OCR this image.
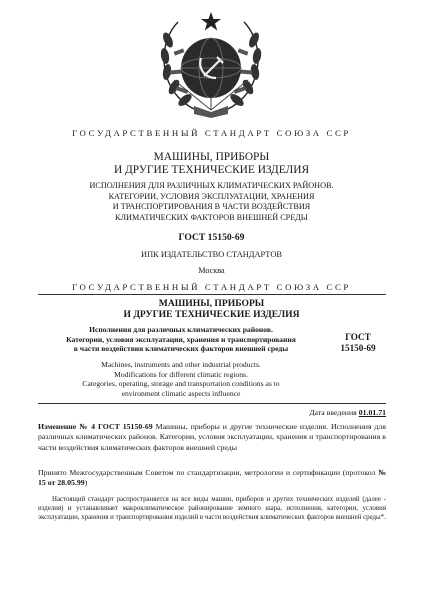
ГОСУДАРСТВЕННЫЙ СТАНДАРТ СОЮЗА ССР
МАШИНЫ, ПРИБОРЫ
И ДРУГИЕ ТЕХНИЧЕСКИЕ ИЗДЕЛИЯ
ИСПОЛНЕНИЯ ДЛЯ РАЗЛИЧНЫХ КЛИМАТИЧЕСКИХ РАЙОНОВ.
КАТЕГОРИИ, УСЛОВИЯ ЭКСПЛУАТАЦИИ, ХРАНЕНИЯ
И ТРАНСПОРТИРОВАНИЯ В ЧАСТИ ВОЗДЕЙСТВИЯ
КЛИМАТИЧЕСКИХ ФАКТОРОВ ВНЕШНЕЙ СРЕДЫ
ГОСТ 15150-69
ИПК ИЗДАТЕЛЬСТВО СТАНДАРТОВ
Москва
ГОСУДАРСТВЕННЫЙ СТАНДАРТ СОЮЗА ССР
МАШИНЫ, ПРИБОРЫ
И ДРУГИЕ ТЕХНИЧЕСКИЕ ИЗДЕЛИЯ
Исполнения для различных климатических районов.
Категории, условия эксплуатации, хранения и транспортирования
в части воздействия климатических факторов внешней среды
Machines, instruments and other industrial products.
Modifications for different climatic regions.
Categories, operating, storage and transportation conditions as to
environment climatic aspects influence
ГОСТ
15150-69
Дата введения 01.01.71
Изменение № 4 ГОСТ 15150-69 Машины, приборы и другие технические изделия. Исполнения для различных климатических районов. Категории, условия эксплуатации, хранения и транспортирования в части воздействия климатических факторов внешней среды
Принято Межгосударственным Советом по стандартизации, метрологии и сертификации (протокол № 15 от 28.05.99)
Настоящий стандарт распространяется на все виды машин, приборов и других технических изделий (далее - изделия) и устанавливает макроклиматическое районирование земного шара, исполнения, категории, условия эксплуатации, хранения и транспортирования изделий в части воздействия климатических факторов внешней среды*.
